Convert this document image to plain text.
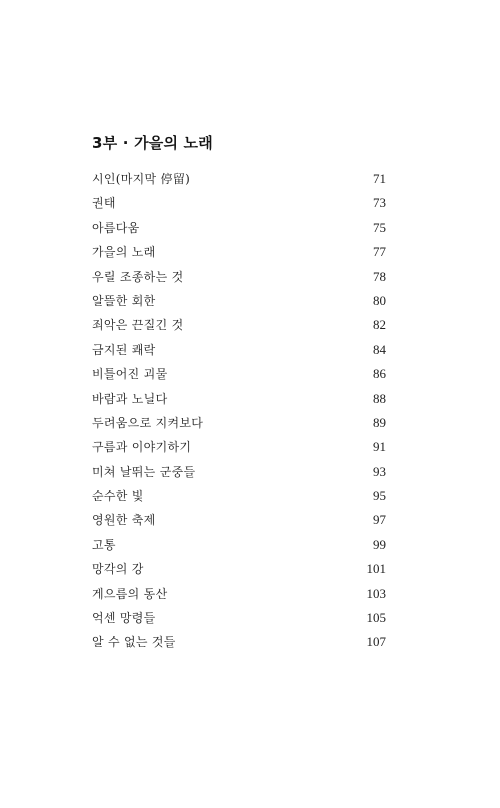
3부 · 가을의 노래
시인(마지막 停留)	71
권태	73
아름다움	75
가을의 노래	77
우릴 조종하는 것	78
알뜰한 회한	80
죄악은 끈질긴 것	82
금지된 쾌락	84
비틀어진 괴물	86
바람과 노닐다	88
두려움으로 지켜보다	89
구름과 이야기하기	91
미쳐 날뛰는 군중들	93
순수한 빛	95
영원한 축제	97
고통	99
망각의 강	101
게으름의 동산	103
억센 망령들	105
알 수 없는 것들	107
